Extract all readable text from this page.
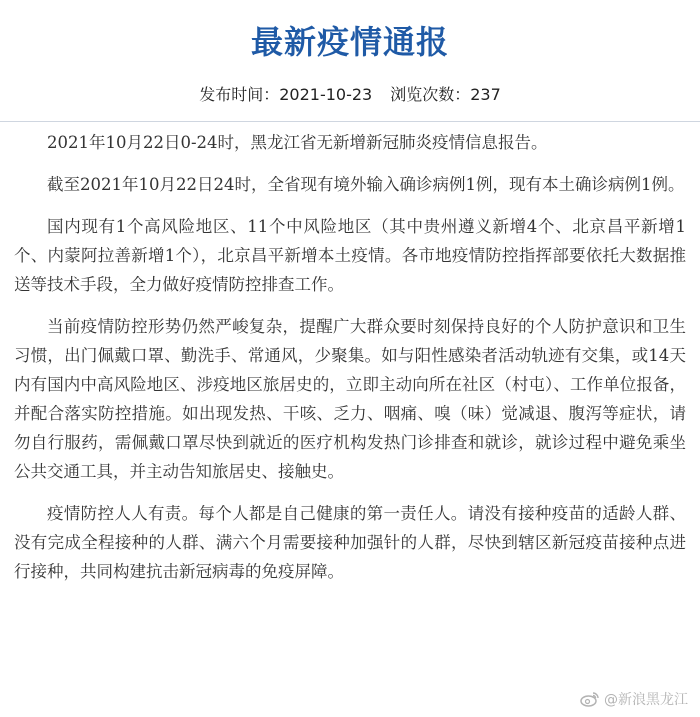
最新疫情通报
发布时间：2021-10-23 浏览次数：237

2021年10月22日0-24时，黑龙江省无新增新冠肺炎疫情信息报告。

截至2021年10月22日24时，全省现有境外输入确诊病例1例，现有本土确诊病例1例。

国内现有1个高风险地区、11个中风险地区（其中贵州遵义新增4个、北京昌平新增1个、内蒙阿拉善新增1个），北京昌平新增本土疫情。各市地疫情防控指挥部要依托大数据推送等技术手段，全力做好疫情防控排查工作。

当前疫情防控形势仍然严峻复杂，提醒广大群众要时刻保持良好的个人防护意识和卫生习惯，出门佩戴口罩、勤洗手、常通风，少聚集。如与阳性感染者活动轨迹有交集，或14天内有国内中高风险地区、涉疫地区旅居史的，立即主动向所在社区（村屯）、工作单位报备，并配合落实防控措施。如出现发热、干咳、乏力、咽痛、嗅（味）觉减退、腹泻等症状，请勿自行服药，需佩戴口罩尽快到就近的医疗机构发热门诊排查和就诊，就诊过程中避免乘坐公共交通工具，并主动告知旅居史、接触史。

疫情防控人人有责。每个人都是自己健康的第一责任人。请没有接种疫苗的适龄人群、没有完成全程接种的人群、满六个月需要接种加强针的人群，尽快到辖区新冠疫苗接种点进行接种，共同构建抗击新冠病毒的免疫屏障。

@新浪黑龙江
